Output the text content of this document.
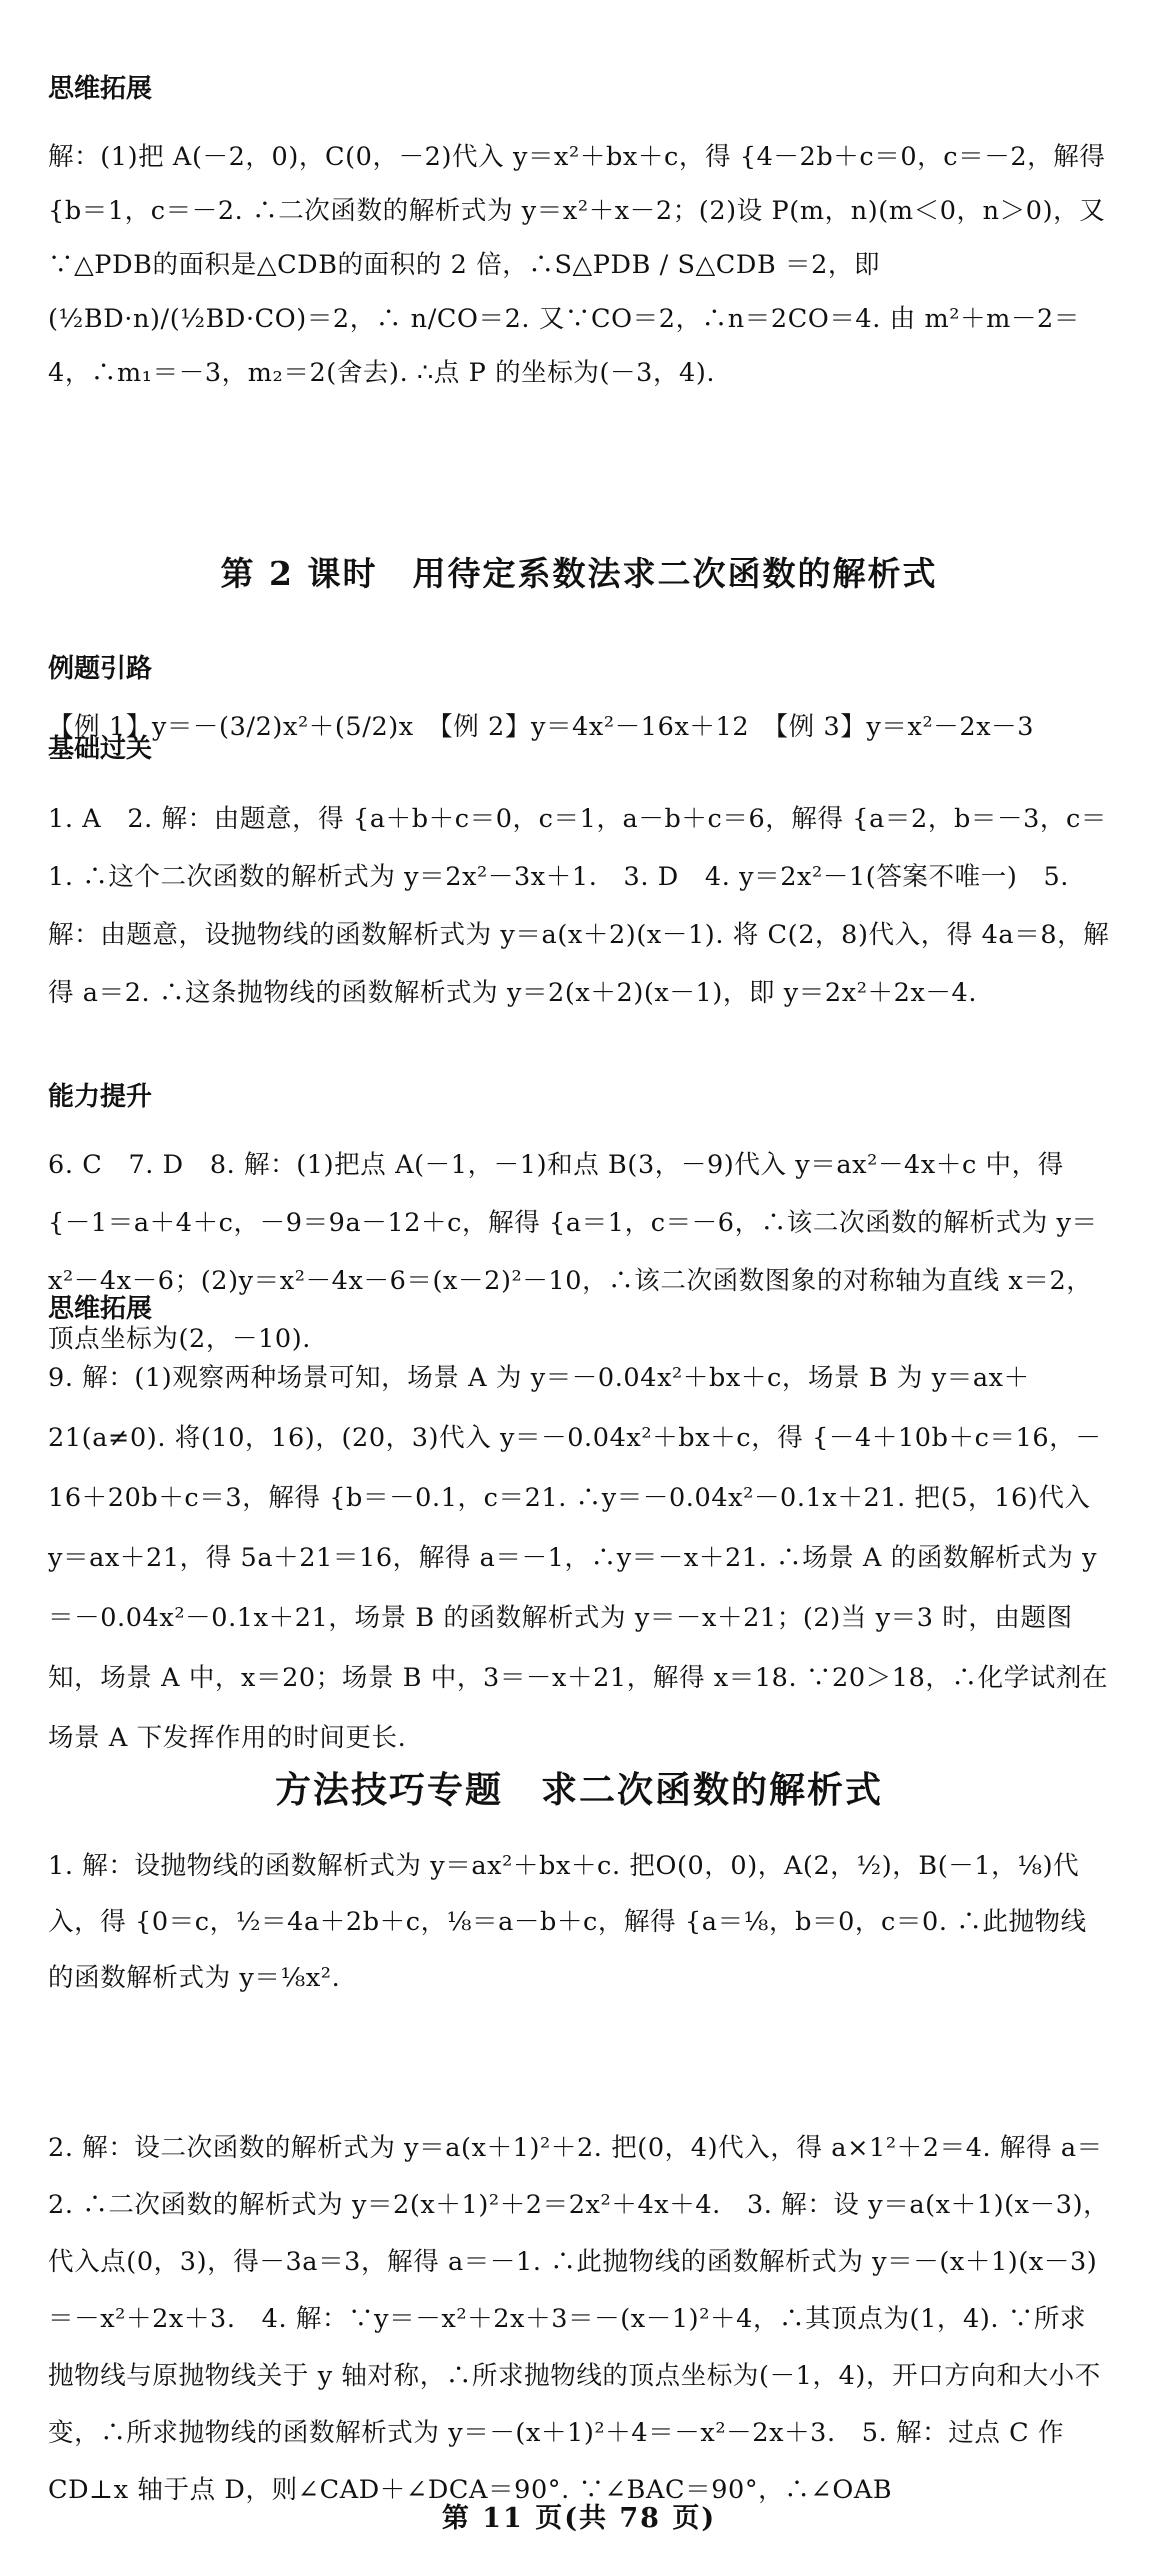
思维拓展
解：(1)把 A(－2，0)，C(0，－2)代入 y＝x²＋bx＋c，得 {4－2b＋c＝0，c＝－2，解得 {b＝1，c＝－2. ∴二次函数的解析式为 y＝x²＋x－2；(2)设 P(m，n)(m＜0，n＞0)，又∵△PDB的面积是△CDB的面积的 2 倍，∴S△PDB / S△CDB ＝2，即 (½BD·n)/(½BD·CO)＝2，∴ n/CO＝2. 又∵CO＝2，∴n＝2CO＝4. 由 m²＋m－2＝4，∴m₁＝－3，m₂＝2(舍去). ∴点 P 的坐标为(－3，4).
第 2 课时　用待定系数法求二次函数的解析式
例题引路
【例 1】y＝－(3/2)x²＋(5/2)x　【例 2】y＝4x²－16x＋12　【例 3】y＝x²－2x－3
基础过关
1. A　2. 解：由题意，得 {a＋b＋c＝0，c＝1，a－b＋c＝6，解得 {a＝2，b＝－3，c＝1. ∴这个二次函数的解析式为 y＝2x²－3x＋1.　3. D　4. y＝2x²－1(答案不唯一)　5. 解：由题意，设抛物线的函数解析式为 y＝a(x＋2)(x－1). 将 C(2，8)代入，得 4a＝8，解得 a＝2. ∴这条抛物线的函数解析式为 y＝2(x＋2)(x－1)，即 y＝2x²＋2x－4.
能力提升
6. C　7. D　8. 解：(1)把点 A(－1，－1)和点 B(3，－9)代入 y＝ax²－4x＋c 中，得 {－1＝a＋4＋c，－9＝9a－12＋c，解得 {a＝1，c＝－6，∴该二次函数的解析式为 y＝x²－4x－6；(2)y＝x²－4x－6＝(x－2)²－10，∴该二次函数图象的对称轴为直线 x＝2，顶点坐标为(2，－10).
思维拓展
9. 解：(1)观察两种场景可知，场景 A 为 y＝－0.04x²＋bx＋c，场景 B 为 y＝ax＋21(a≠0). 将(10，16)，(20，3)代入 y＝－0.04x²＋bx＋c，得 {－4＋10b＋c＝16，－16＋20b＋c＝3，解得 {b＝－0.1，c＝21. ∴y＝－0.04x²－0.1x＋21. 把(5，16)代入 y＝ax＋21，得 5a＋21＝16，解得 a＝－1，∴y＝－x＋21. ∴场景 A 的函数解析式为 y＝－0.04x²－0.1x＋21，场景 B 的函数解析式为 y＝－x＋21；(2)当 y＝3 时，由题图知，场景 A 中，x＝20；场景 B 中，3＝－x＋21，解得 x＝18. ∵20＞18，∴化学试剂在场景 A 下发挥作用的时间更长.
方法技巧专题　求二次函数的解析式
1. 解：设抛物线的函数解析式为 y＝ax²＋bx＋c. 把O(0，0)，A(2，½)，B(－1，⅛)代入，得 {0＝c，½＝4a＋2b＋c，⅛＝a－b＋c，解得 {a＝⅛，b＝0，c＝0. ∴此抛物线的函数解析式为 y＝⅛x².
2. 解：设二次函数的解析式为 y＝a(x＋1)²＋2. 把(0，4)代入，得 a×1²＋2＝4. 解得 a＝2. ∴二次函数的解析式为 y＝2(x＋1)²＋2＝2x²＋4x＋4.　3. 解：设 y＝a(x＋1)(x－3)，代入点(0，3)，得－3a＝3，解得 a＝－1. ∴此抛物线的函数解析式为 y＝－(x＋1)(x－3)＝－x²＋2x＋3.　4. 解：∵y＝－x²＋2x＋3＝－(x－1)²＋4，∴其顶点为(1，4). ∵所求抛物线与原抛物线关于 y 轴对称，∴所求抛物线的顶点坐标为(－1，4)，开口方向和大小不变，∴所求抛物线的函数解析式为 y＝－(x＋1)²＋4＝－x²－2x＋3.　5. 解：过点 C 作 CD⊥x 轴于点 D，则∠CAD＋∠DCA＝90°. ∵∠BAC＝90°，∴∠OAB
第 11 页(共 78 页)
